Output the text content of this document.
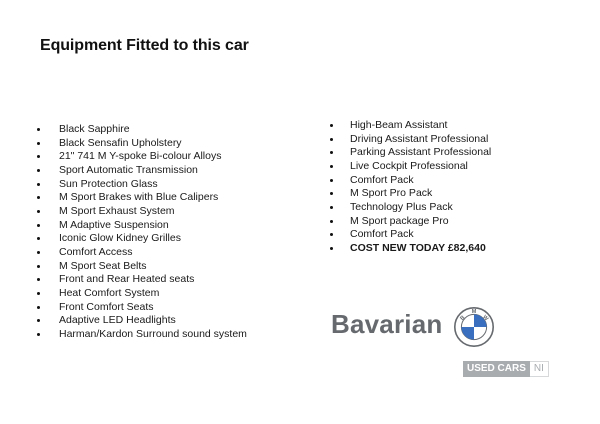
Equipment Fitted to this car
Black Sapphire
Black Sensafin Upholstery
21" 741 M Y-spoke Bi-colour Alloys
Sport Automatic Transmission
Sun Protection Glass
M Sport Brakes with Blue Calipers
M Sport Exhaust System
M Adaptive Suspension
Iconic Glow Kidney Grilles
Comfort Access
M Sport Seat Belts
Front and Rear Heated seats
Heat Comfort System
Front Comfort Seats
Adaptive LED Headlights
Harman/Kardon Surround sound system
High-Beam Assistant
Driving Assistant Professional
Parking Assistant Professional
Live Cockpit Professional
Comfort Pack
M Sport Pro Pack
Technology Plus Pack
M Sport package Pro
Comfort Pack
COST NEW TODAY £82,640
Bavarian	B
M
W
USED CARS NI
